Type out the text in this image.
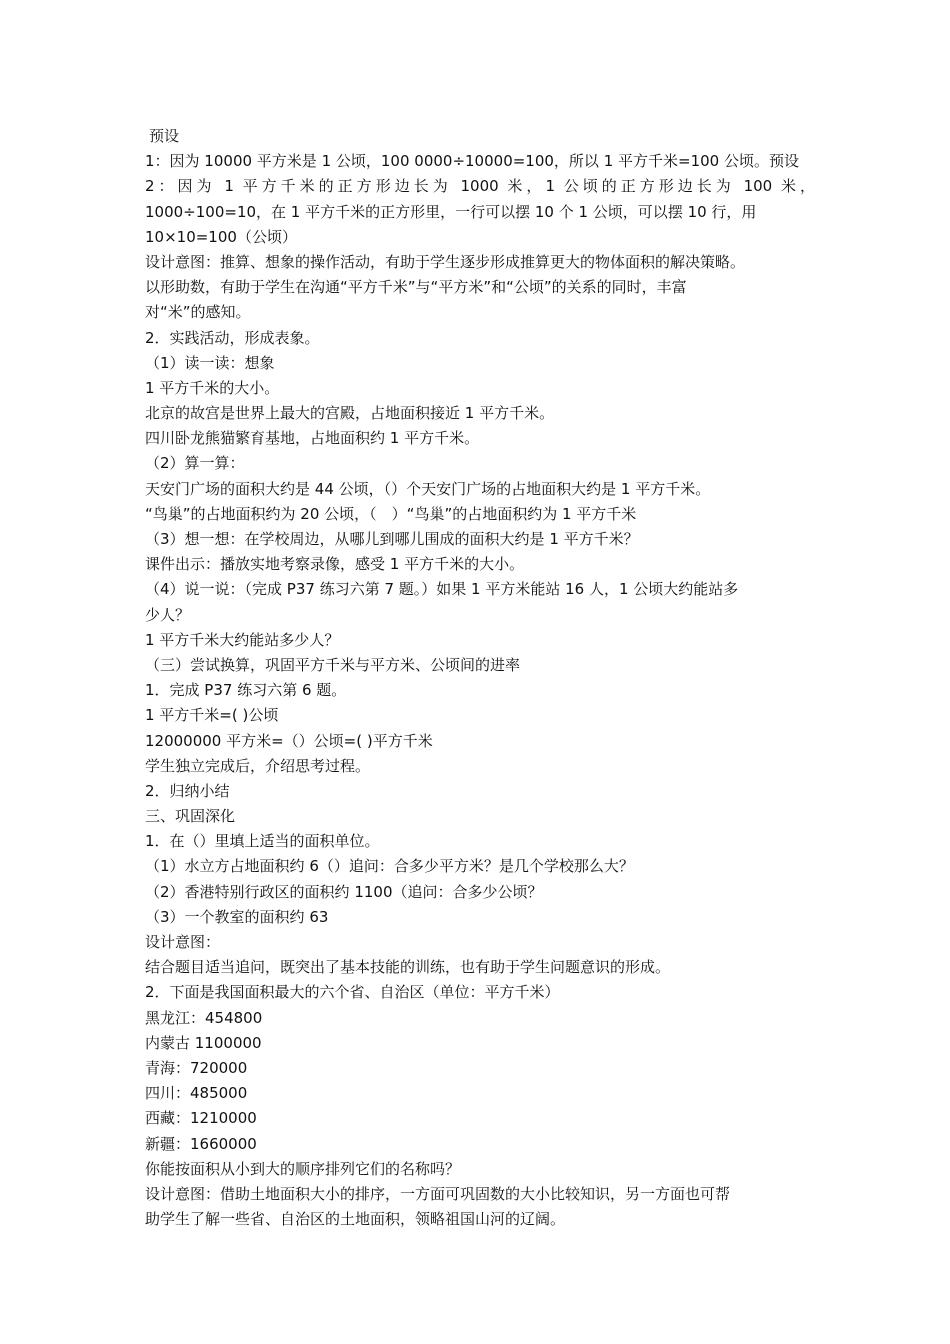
预设
1：因为 10000 平方米是 1 公顷，100 0000÷10000=100，所以 1 平方千米=100 公顷。预设
2：因为 1 平方千米的正方形边长为 1000 米，1 公顷的正方形边长为 100 米，
1000÷100=10，在 1 平方千米的正方形里，一行可以摆 10 个 1 公顷，可以摆 10 行，用
10×10=100（公顷）
设计意图：推算、想象的操作活动，有助于学生逐步形成推算更大的物体面积的解决策略。
以形助数，有助于学生在沟通“平方千米”与“平方米”和“公顷”的关系的同时，丰富
对“米”的感知。
2．实践活动，形成表象。
（1）读一读：想象
1 平方千米的大小。
北京的故宫是世界上最大的宫殿，占地面积接近 1 平方千米。
四川卧龙熊猫繁育基地，占地面积约 1 平方千米。
（2）算一算：
天安门广场的面积大约是 44 公顷，（）个天安门广场的占地面积大约是 1 平方千米。
“鸟巢”的占地面积约为 20 公顷，（　）“鸟巢”的占地面积约为 1 平方千米
（3）想一想：在学校周边，从哪儿到哪儿围成的面积大约是 1 平方千米？
课件出示：播放实地考察录像，感受 1 平方千米的大小。
（4）说一说：（完成 P37 练习六第 7 题。）如果 1 平方米能站 16 人，1 公顷大约能站多
少人？
1 平方千米大约能站多少人？
（三）尝试换算，巩固平方千米与平方米、公顷间的进率
1．完成 P37 练习六第 6 题。
1 平方千米=( )公顷
12000000 平方米=（）公顷=( )平方千米
学生独立完成后，介绍思考过程。
2．归纳小结
三、巩固深化
1．在（）里填上适当的面积单位。
（1）水立方占地面积约 6（）追问：合多少平方米？是几个学校那么大？
（2）香港特别行政区的面积约 1100（追问：合多少公顷？
（3）一个教室的面积约 63
设计意图：
结合题目适当追问，既突出了基本技能的训练，也有助于学生问题意识的形成。
2．下面是我国面积最大的六个省、自治区（单位：平方千米）
黑龙江：454800
内蒙古 1100000
青海：720000
四川：485000
西藏：1210000
新疆：1660000
你能按面积从小到大的顺序排列它们的名称吗？
设计意图：借助土地面积大小的排序，一方面可巩固数的大小比较知识，另一方面也可帮
助学生了解一些省、自治区的土地面积，领略祖国山河的辽阔。
